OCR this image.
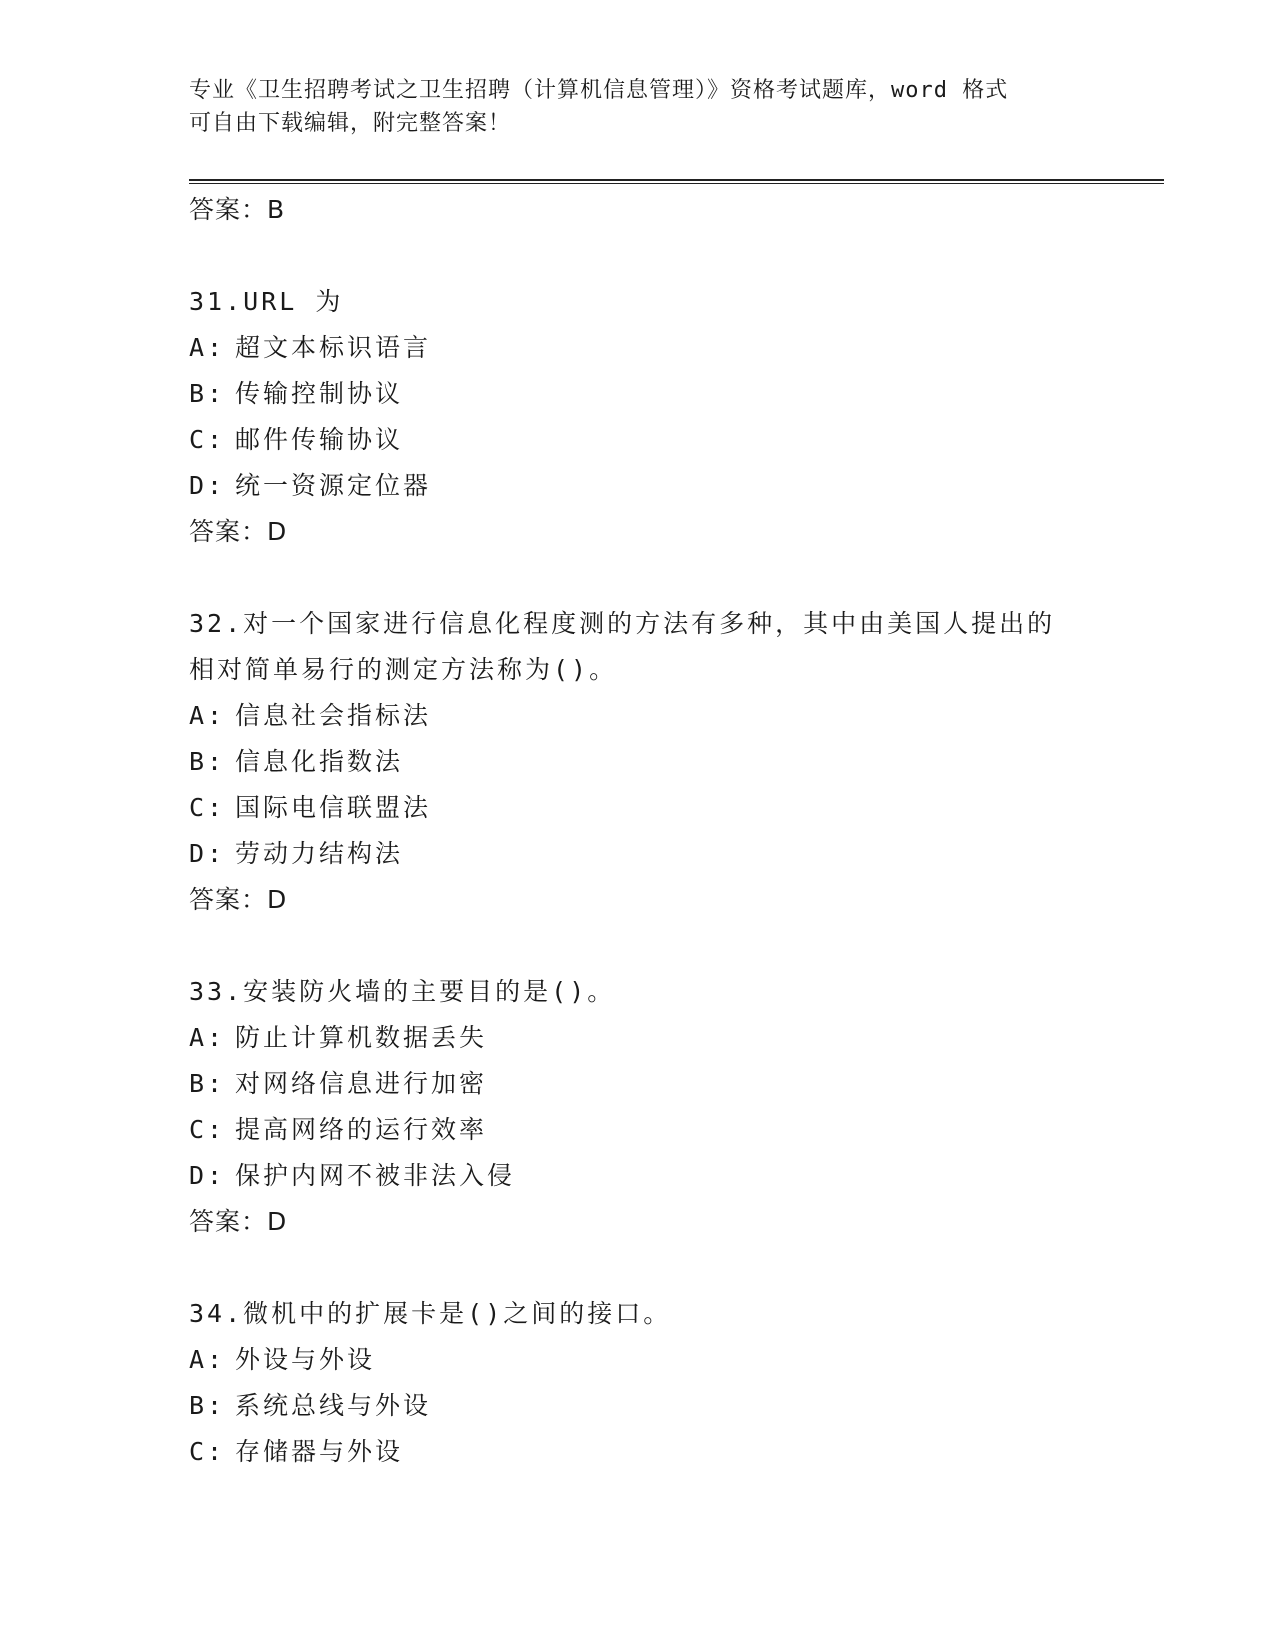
专业《卫生招聘考试之卫生招聘（计算机信息管理）》资格考试题库，word 格式
可自由下载编辑，附完整答案！
答案：B
31.URL 为
A: 超文本标识语言
B: 传输控制协议
C: 邮件传输协议
D: 统一资源定位器
答案：D
32.对一个国家进行信息化程度测的方法有多种，其中由美国人提出的
相对简单易行的测定方法称为()。
A: 信息社会指标法
B: 信息化指数法
C: 国际电信联盟法
D: 劳动力结构法
答案：D
33.安装防火墙的主要目的是()。
A: 防止计算机数据丢失
B: 对网络信息进行加密
C: 提高网络的运行效率
D: 保护内网不被非法入侵
答案：D
34.微机中的扩展卡是()之间的接口。
A: 外设与外设
B: 系统总线与外设
C: 存储器与外设
